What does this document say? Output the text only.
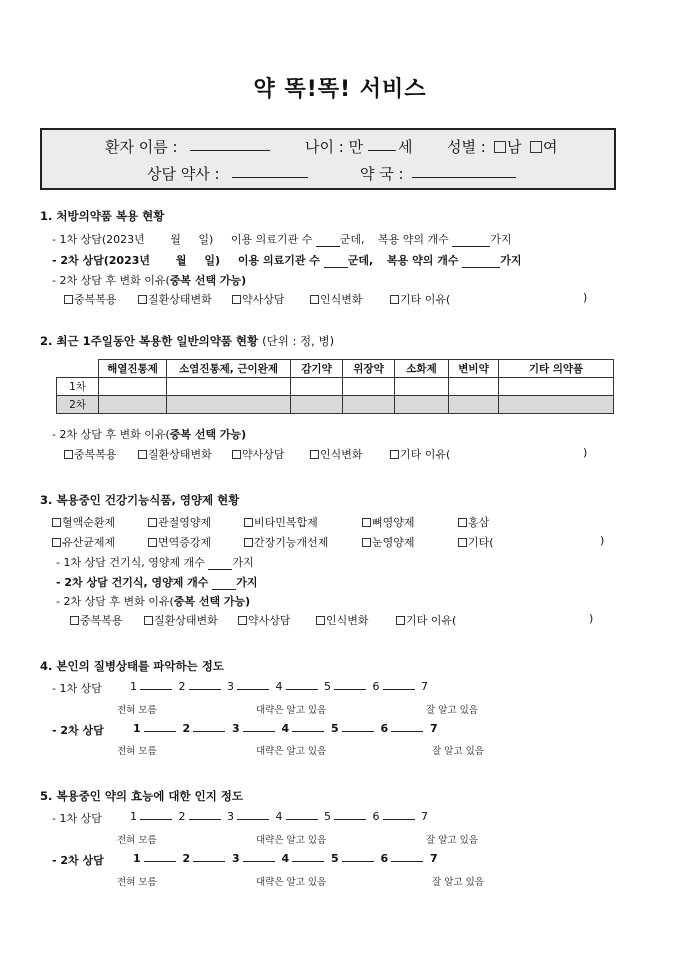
약 똑!똑! 서비스
환자 이름 :	나이 : 만 세 성별 :	남	여
상담 약사 :	약 국 :
1. 처방의약품 복용 현황
- 1차 상담(2023년 월 일) 이용 의료기관 수	군데, 복용 약의 개수	가지
- 2차 상담(2023년 월 일) 이용 의료기관 수	군데, 복용 약의 개수	가지
- 2차 상담 후 변화 이유(중복 선택 가능)
중복복용	질환상태변화	약사상담	인식변화	기타 이유(	)
2. 최근 1주일동안 복용한 일반의약품 현황 (단위 : 정, 병)
	해열진통제	소염진통제, 근이완제	감기약	위장약	소화제	변비약	기타 의약품
1차							
2차							
- 2차 상담 후 변화 이유(중복 선택 가능)
중복복용	질환상태변화	약사상담	인식변화	기타 이유(	)
3. 복용중인 건강기능식품, 영양제 현황
혈액순환제	관절영양제	비타민복합제	뼈영양제	홍삼
유산균제제	면역증강제	간장기능개선제	눈영양제	기타(	)
- 1차 상담 건기식, 영양제 개수	가지
- 2차 상담 건기식, 영양제 개수	가지
- 2차 상담 후 변화 이유(중복 선택 가능)
중복복용	질환상태변화	약사상담	인식변화	기타 이유(	)
4. 본인의 질병상태를 파악하는 정도
- 1차 상담	1	2	3	4	5	6	7
전혀 모름	대략은 알고 있음	잘 알고 있음
- 2차 상담	1	2	3	4	5	6	7
전혀 모름	대략은 알고 있음	잘 알고 있음
5. 복용중인 약의 효능에 대한 인지 정도
- 1차 상담	1	2	3	4	5	6	7
전혀 모름	대략은 알고 있음	잘 알고 있음
- 2차 상담	1	2	3	4	5	6	7
전혀 모름	대략은 알고 있음	잘 알고 있음
